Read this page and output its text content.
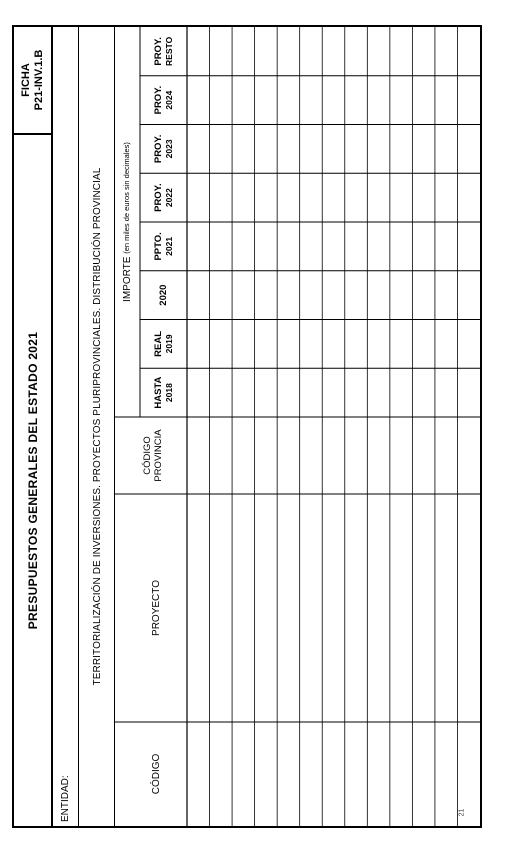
PRESUPUESTOS GENERALES DEL ESTADO 2021
FICHA P21-INV.1.B
ENTIDAD:
TERRITORIALIZACIÓN DE INVERSIONES. PROYECTOS PLURIPROVINCIALES. DISTRIBUCIÓN PROVINCIAL
CÓDIGO
PROYECTO
CÓDIGO PROVINCIA
IMPORTE (en miles de euros sin decimales)
HASTA 2018
REAL 2019
2020
PPTO. 2021
PROY. 2022
PROY. 2023
PROY. 2024
PROY. RESTO
21
